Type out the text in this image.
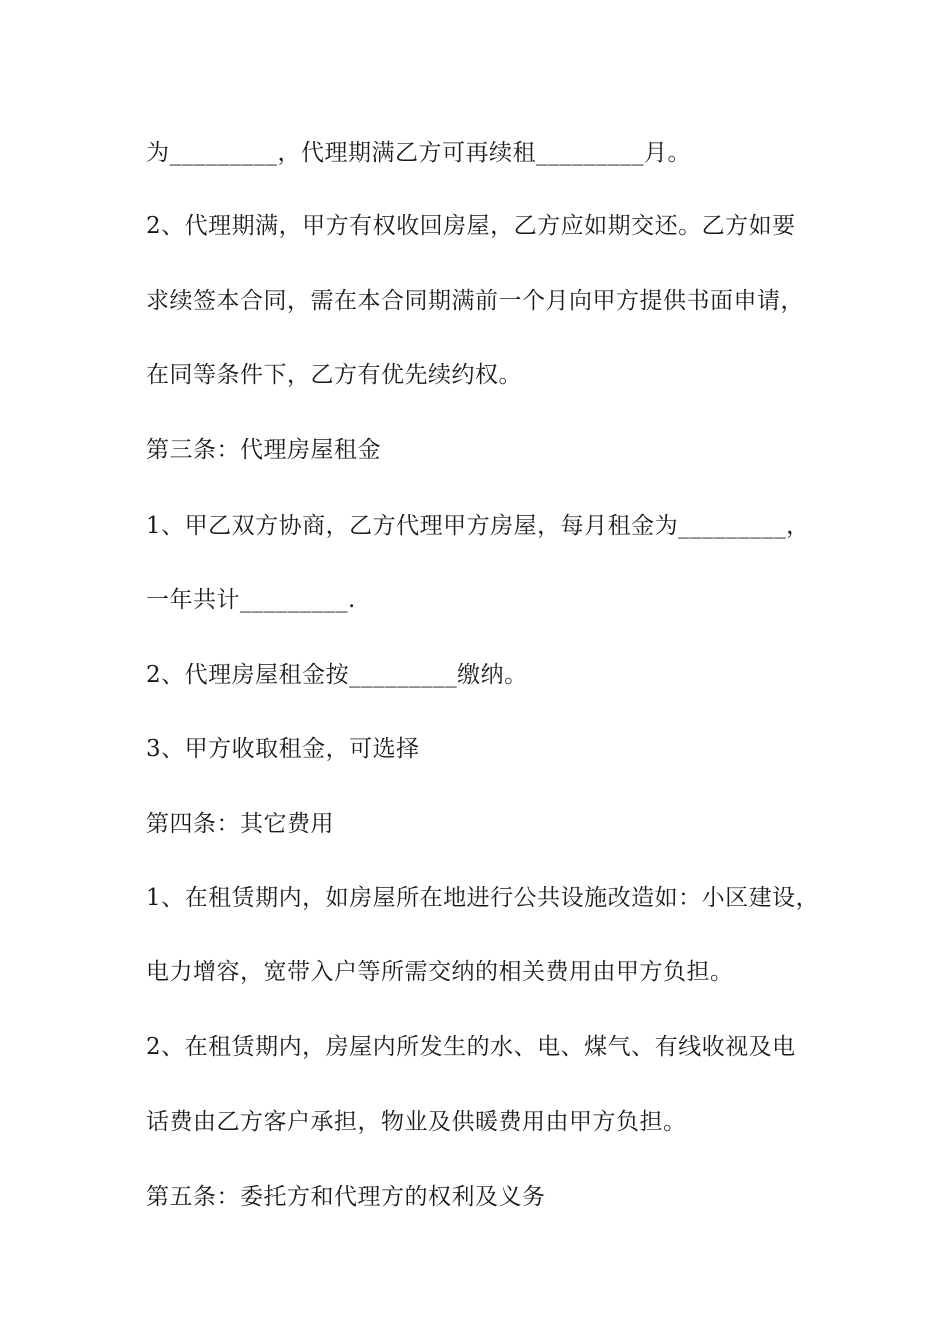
为_________，代理期满乙方可再续租_________月。
2、代理期满，甲方有权收回房屋，乙方应如期交还。乙方如要
求续签本合同，需在本合同期满前一个月向甲方提供书面申请，
在同等条件下，乙方有优先续约权。
第三条：代理房屋租金
1、甲乙双方协商，乙方代理甲方房屋，每月租金为_________，
一年共计_________.
2、代理房屋租金按_________缴纳。
3、甲方收取租金，可选择
第四条：其它费用
1、在租赁期内，如房屋所在地进行公共设施改造如：小区建设，
电力增容，宽带入户等所需交纳的相关费用由甲方负担。
2、在租赁期内，房屋内所发生的水、电、煤气、有线收视及电
话费由乙方客户承担，物业及供暖费用由甲方负担。
第五条：委托方和代理方的权利及义务
